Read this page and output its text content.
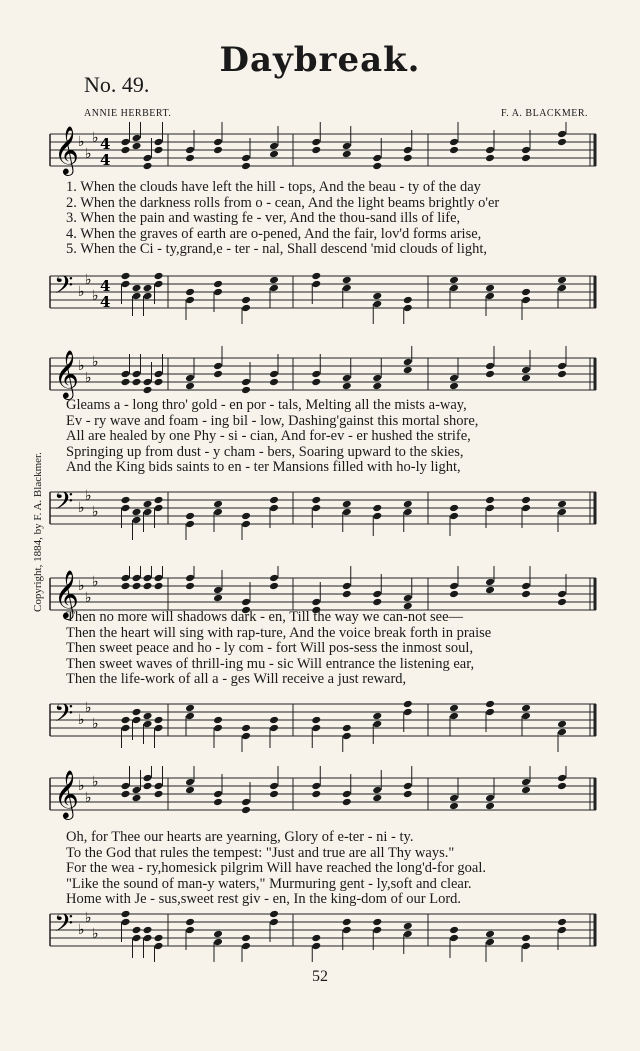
Daybreak.
No. 49.
ANNIE HERBERT.	F. A. BLACKMER.
Copyright, 1884, by F. A. Blackmer.
𝄞 ♭
♭
♭ 4
4
1. When the clouds have left the hill - tops, And the beau - ty of the day
2. When the darkness rolls from o - cean, And the light beams brightly o'er
3. When the pain and wasting fe - ver, And the thou-sand ills of life,
4. When the graves of earth are o-pened, And the fair, lov'd forms arise,
5. When the Ci - ty,grand,e - ter - nal, Shall descend 'mid clouds of light,
𝄢 ♭
♭
♭
4
4
𝄞 ♭
♭
♭
Gleams a - long thro' gold - en por - tals, Melting all the mists a-way,
Ev - ry wave and foam - ing bil - low, Dashing'gainst this mortal shore,
All are healed by one Phy - si - cian, And for-ev - er hushed the strife,
Springing up from dust - y cham - bers, Soaring upward to the skies,
And the King bids saints to en - ter Mansions filled with ho-ly light,
𝄢 ♭
♭
♭
𝄞 ♭
♭
♭
Then no more will shadows dark - en, Till the way we can-not see—
Then the heart will sing with rap-ture, And the voice break forth in praise
Then sweet peace and ho - ly com - fort Will pos-sess the inmost soul,
Then sweet waves of thrill-ing mu - sic Will entrance the listening ear,
Then the life-work of all a - ges Will receive a just reward,
𝄢 ♭
♭
♭
𝄞 ♭
♭
♭
Oh, for Thee our hearts are yearning, Glory of e-ter - ni - ty.
To the God that rules the tempest: "Just and true are all Thy ways."
For the wea - ry,homesick pilgrim Will have reached the long'd-for goal.
"Like the sound of man-y waters," Murmuring gent - ly,soft and clear.
Home with Je - sus,sweet rest giv - en, In the king-dom of our Lord.
𝄢 ♭
♭
♭
52
